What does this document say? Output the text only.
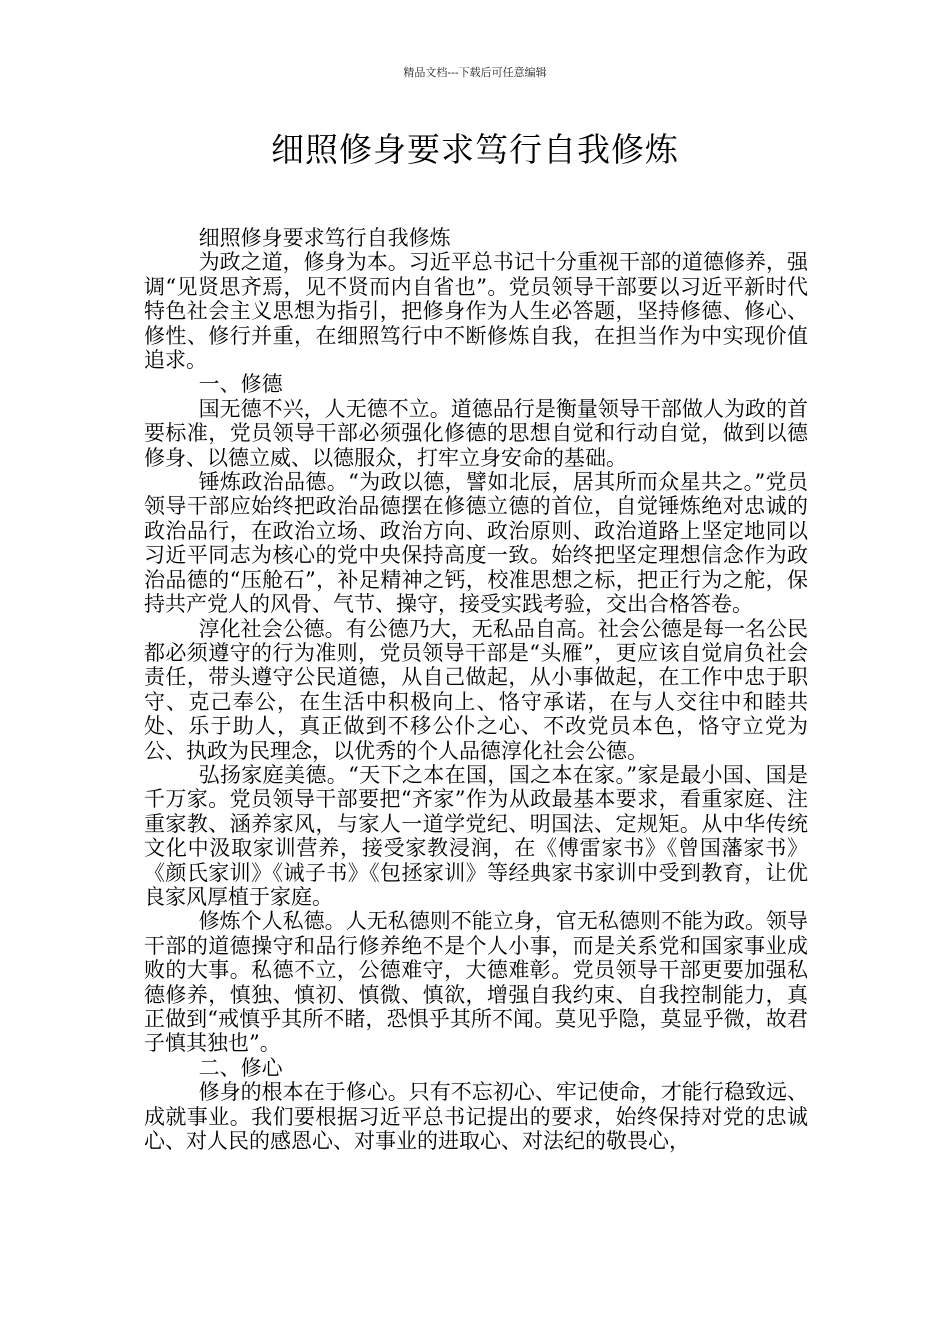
精品文档---下载后可任意编辑
细照修身要求笃行自我修炼

细照修身要求笃行自我修炼

为政之道，修身为本。习近平总书记十分重视干部的道德修养，强调“见贤思齐焉，见不贤而内自省也”。党员领导干部要以习近平新时代特色社会主义思想为指引，把修身作为人生必答题，坚持修德、修心、修性、修行并重，在细照笃行中不断修炼自我，在担当作为中实现价值追求。

一、修德

国无德不兴，人无德不立。道德品行是衡量领导干部做人为政的首要标准，党员领导干部必须强化修德的思想自觉和行动自觉，做到以德修身、以德立威、以德服众，打牢立身安命的基础。

锤炼政治品德。“为政以德，譬如北辰，居其所而众星共之。”党员领导干部应始终把政治品德摆在修德立德的首位，自觉锤炼绝对忠诚的政治品行，在政治立场、政治方向、政治原则、政治道路上坚定地同以习近平同志为核心的党中央保持高度一致。始终把坚定理想信念作为政治品德的“压舱石”，补足精神之钙，校准思想之标，把正行为之舵，保持共产党人的风骨、气节、操守，接受实践考验，交出合格答卷。

淳化社会公德。有公德乃大，无私品自高。社会公德是每一名公民都必须遵守的行为准则，党员领导干部是“头雁”，更应该自觉肩负社会责任，带头遵守公民道德，从自己做起，从小事做起，在工作中忠于职守、克己奉公，在生活中积极向上、恪守承诺，在与人交往中和睦共处、乐于助人，真正做到不移公仆之心、不改党员本色，恪守立党为公、执政为民理念，以优秀的个人品德淳化社会公德。

弘扬家庭美德。“天下之本在国，国之本在家。”家是最小国、国是千万家。党员领导干部要把“齐家”作为从政最基本要求，看重家庭、注重家教、涵养家风，与家人一道学党纪、明国法、定规矩。从中华传统文化中汲取家训营养，接受家教浸润，在《傅雷家书》《曾国藩家书》《颜氏家训》《诫子书》《包拯家训》等经典家书家训中受到教育，让优良家风厚植于家庭。

修炼个人私德。人无私德则不能立身，官无私德则不能为政。领导干部的道德操守和品行修养绝不是个人小事，而是关系党和国家事业成败的大事。私德不立，公德难守，大德难彰。党员领导干部更要加强私德修养，慎独、慎初、慎微、慎欲，增强自我约束、自我控制能力，真正做到“戒慎乎其所不睹，恐惧乎其所不闻。莫见乎隐，莫显乎微，故君子慎其独也”。

二、修心

修身的根本在于修心。只有不忘初心、牢记使命，才能行稳致远、成就事业。我们要根据习近平总书记提出的要求，始终保持对党的忠诚心、对人民的感恩心、对事业的进取心、对法纪的敬畏心，
